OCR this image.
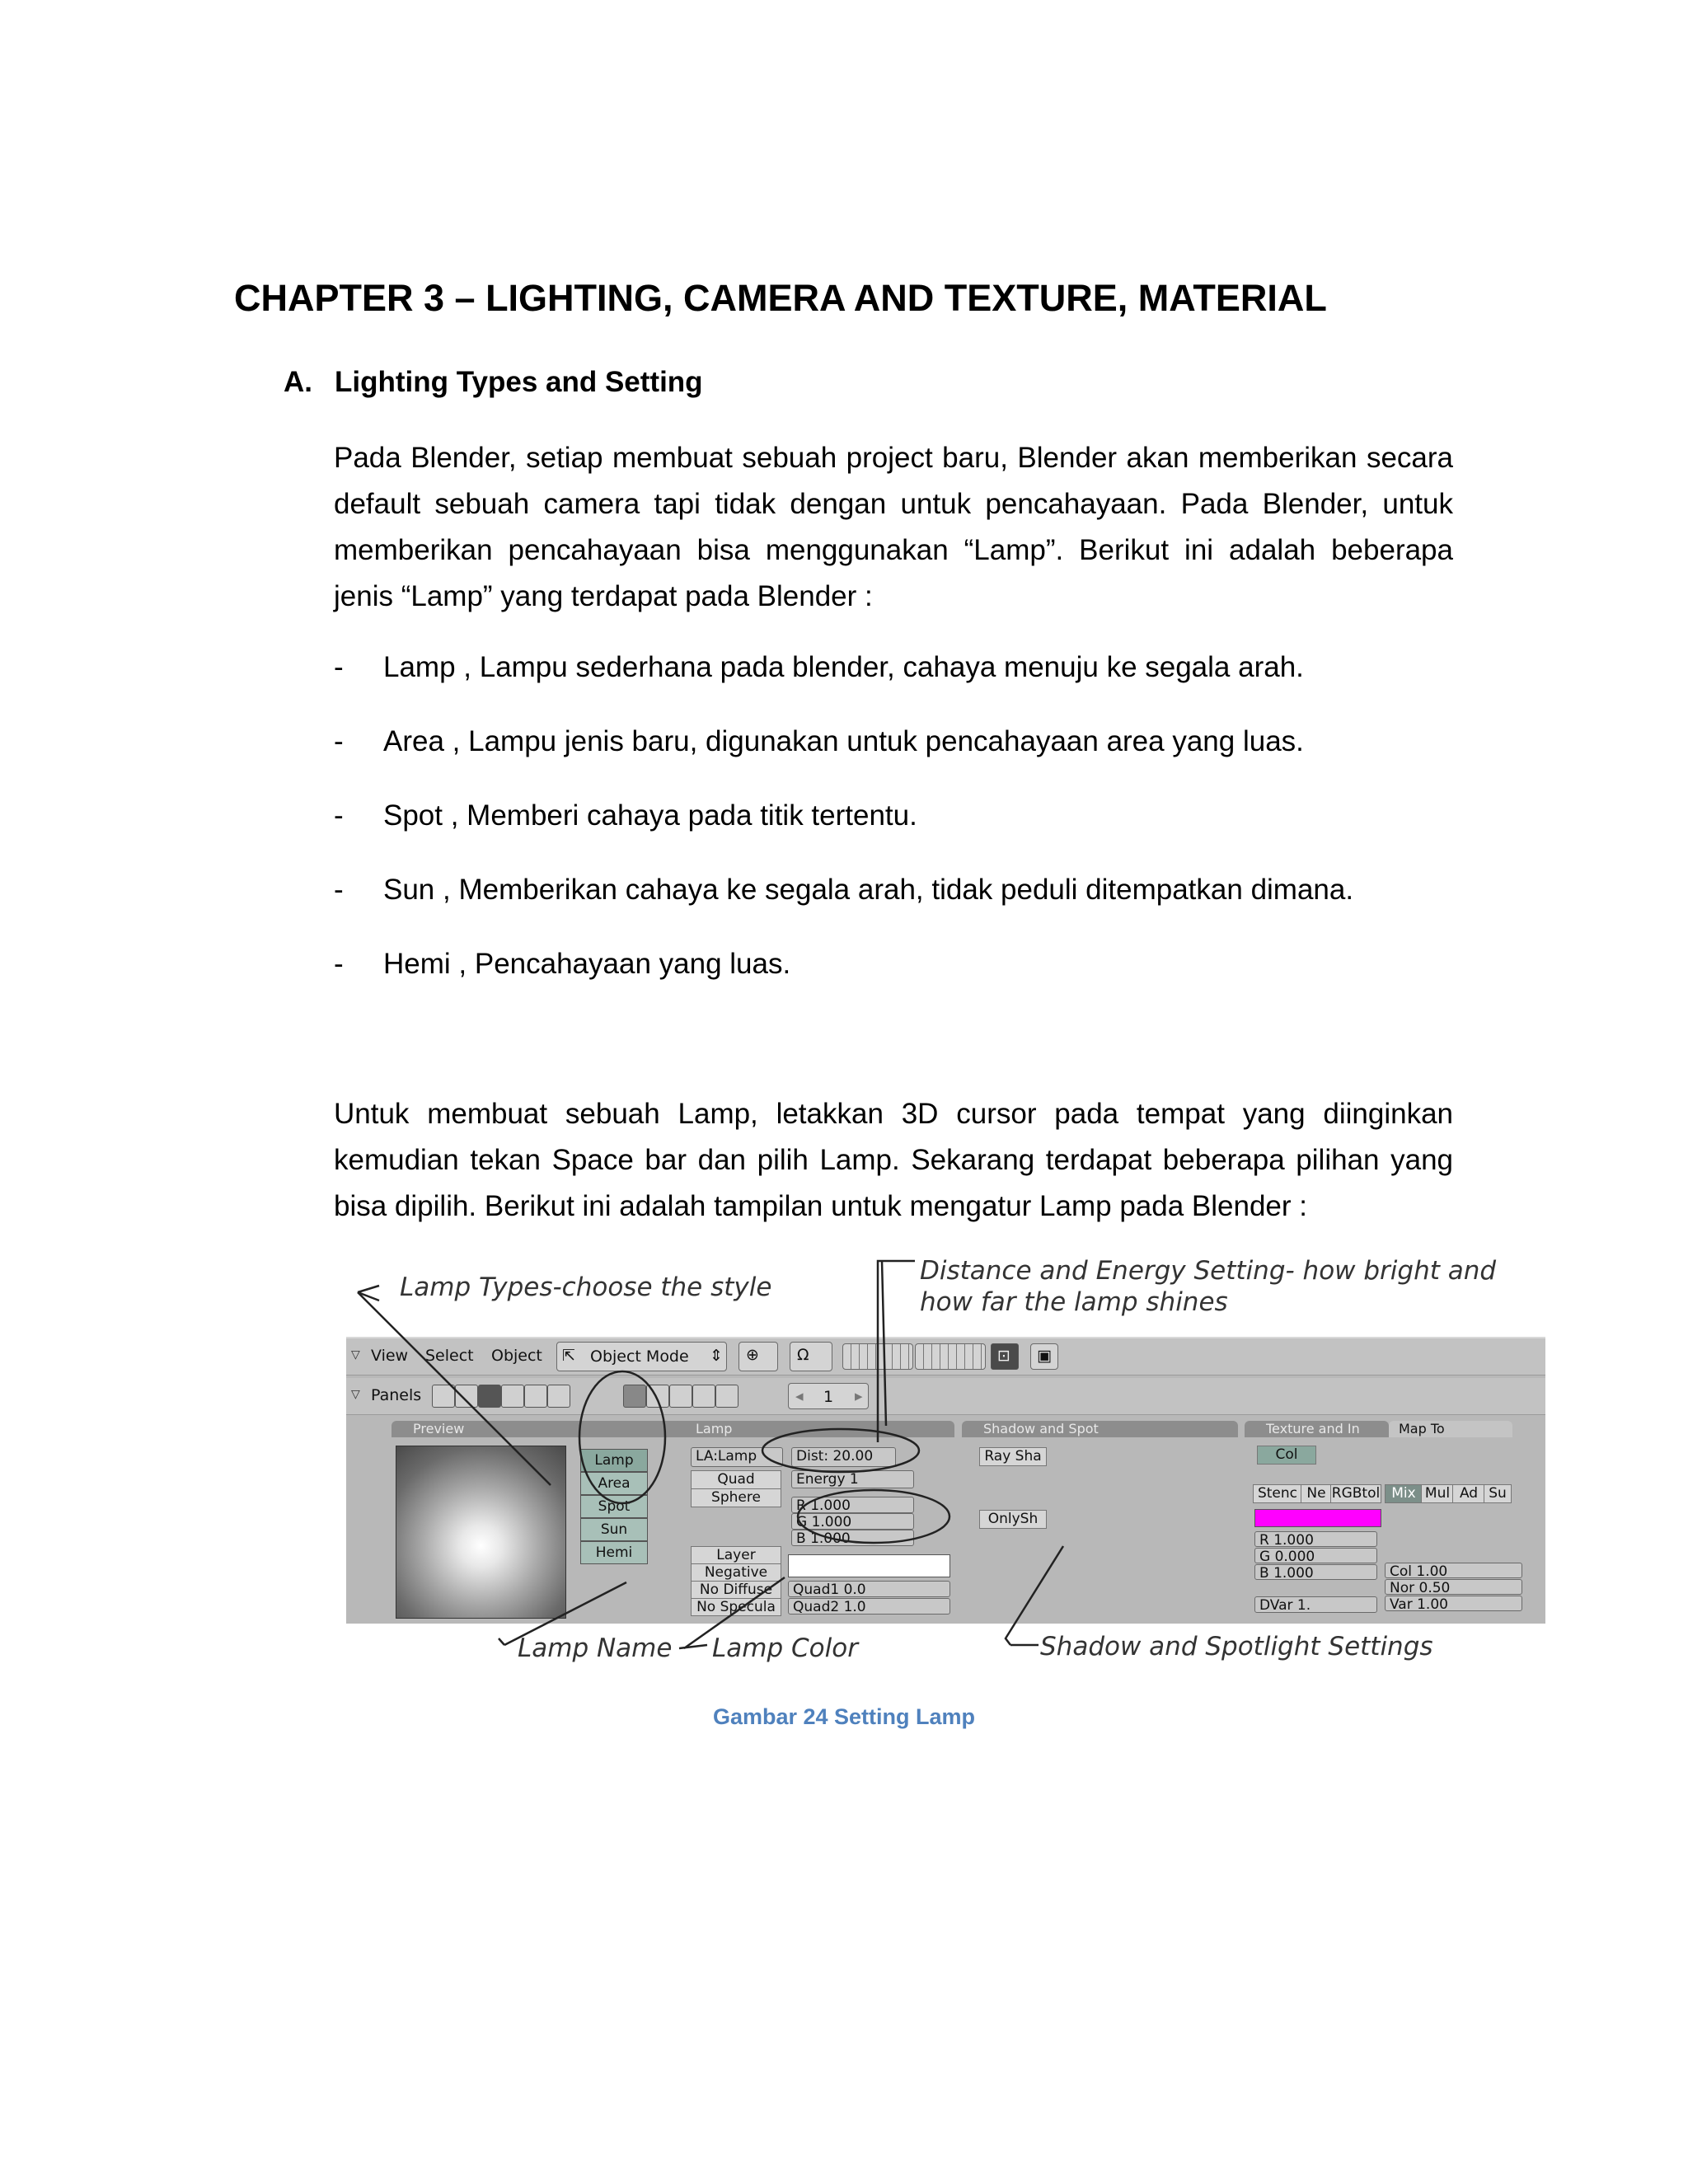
CHAPTER 3 – LIGHTING, CAMERA AND TEXTURE, MATERIAL
A. Lighting Types and Setting
Pada Blender, setiap membuat sebuah project baru, Blender akan memberikan secara default sebuah camera tapi tidak dengan untuk pencahayaan. Pada Blender, untuk memberikan pencahayaan bisa menggunakan “Lamp”. Berikut ini adalah beberapa jenis “Lamp” yang terdapat pada Blender :
- Lamp , Lampu sederhana pada blender, cahaya menuju ke segala arah.
- Area , Lampu jenis baru, digunakan untuk pencahayaan area yang luas.
- Spot , Memberi cahaya pada titik tertentu.
- Sun , Memberikan cahaya ke segala arah, tidak peduli ditempatkan dimana.
- Hemi , Pencahayaan yang luas.
Untuk membuat sebuah Lamp, letakkan 3D cursor pada tempat yang diinginkan kemudian tekan Space bar dan pilih Lamp. Sekarang terdapat beberapa pilihan yang bisa dipilih. Berikut ini adalah tampilan untuk mengatur Lamp pada Blender :
Lamp Types-choose the style
Distance and Energy Setting- how bright and
how far the lamp shines
▽ View Select Object ⇱ Object Mode ⇕ ⊕ Ω	⊡ ▣
▽ Panels	◂ 1 ▸
Preview	Lamp	Shadow and Spot	Texture and In	Map To
Lamp
Area
Spot
Sun
Hemi
LA:Lamp	Dist: 20.00
Quad
Sphere
Energy 1
R 1.000
G 1.000
B 1.000
Layer
Negative
No Diffuse
No Specula
Quad1 0.0
Quad2 1.0
Ray Sha
OnlySh
Col
Stenc Ne RGBtol Mix Mul Ad Su
R 1.000
G 0.000
B 1.000
DVar 1.
Col 1.00
Nor 0.50
Var 1.00
Lamp Name Lamp Color	Shadow and Spotlight Settings
Gambar 24 Setting Lamp
